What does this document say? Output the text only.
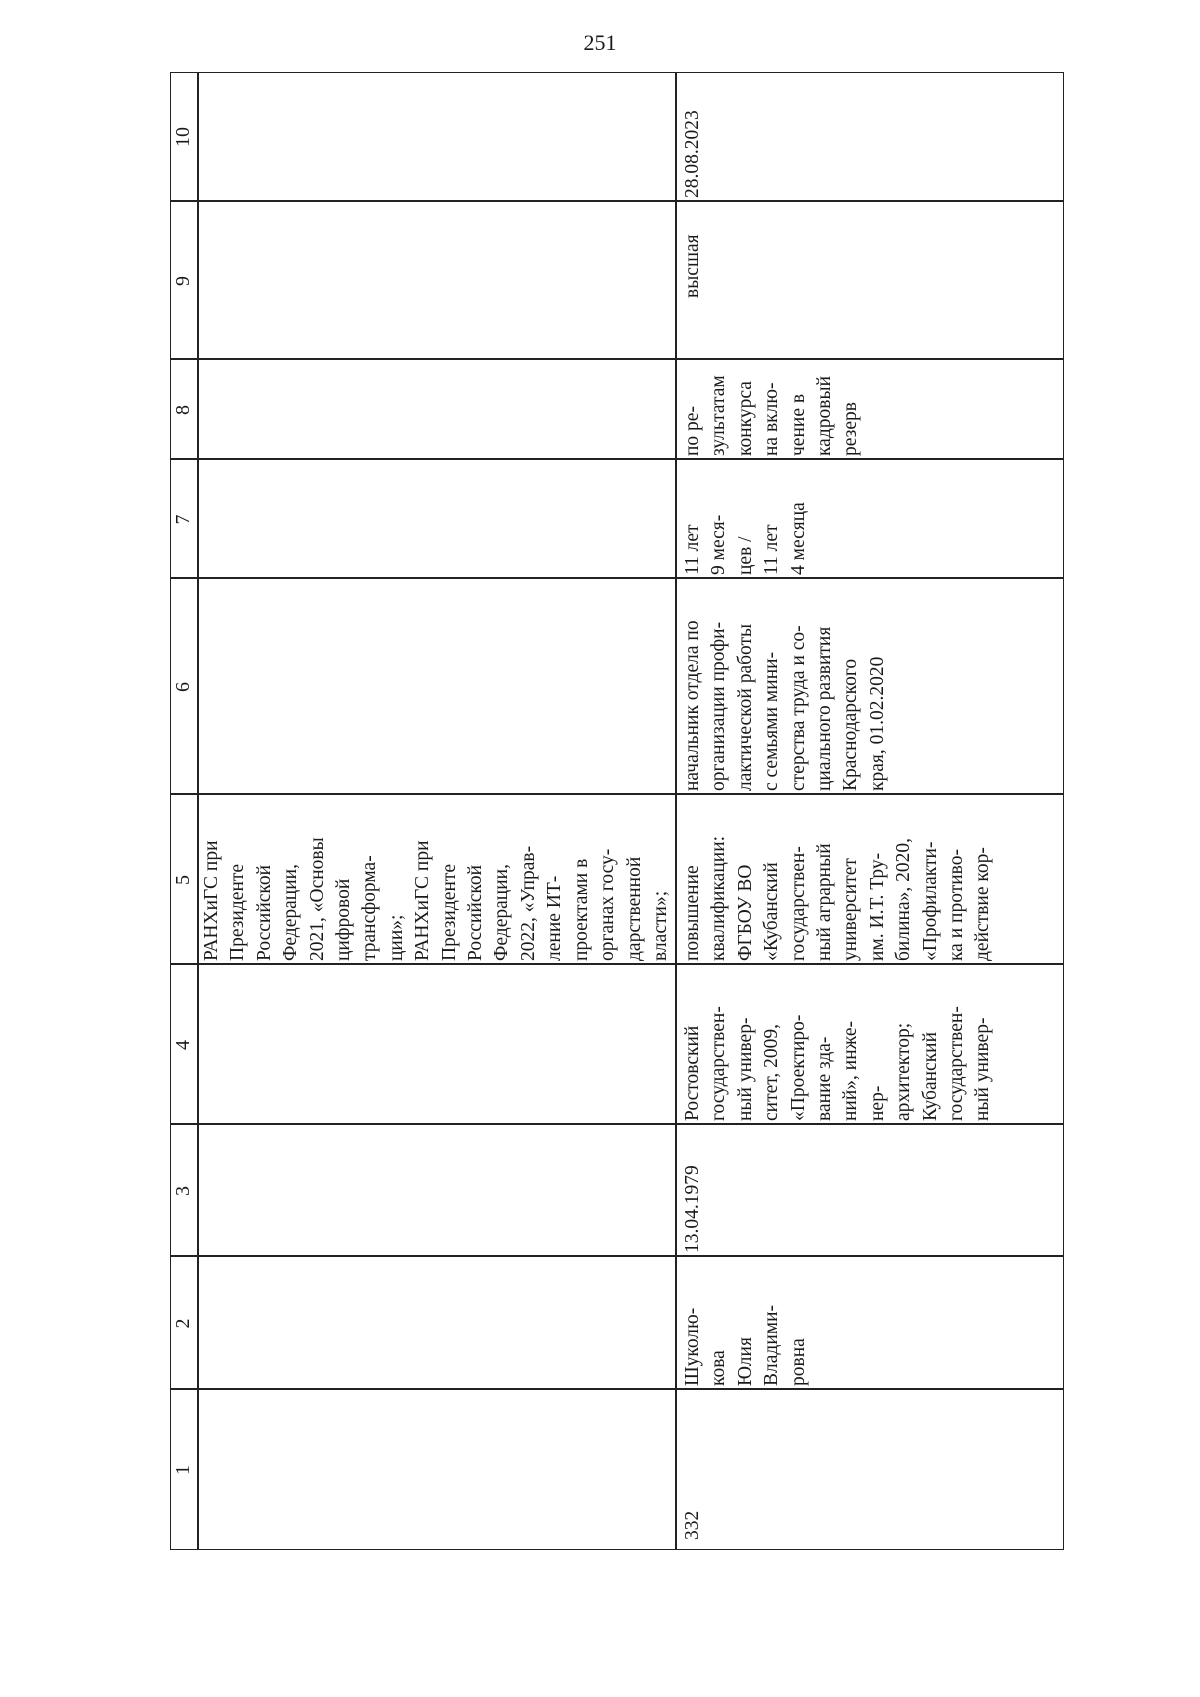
251
1
2
3
4
5
6
7
8
9
10
РАНХиГС при
Президенте
Российской
Федерации,
2021, «Основы
цифровой
трансформа-
ции»;
РАНХиГС при
Президенте
Российской
Федерации,
2022, «Управ-
ление ИТ-
проектами в
органах госу-
дарственной
власти»;
332
Шуколю-
кова
Юлия
Владими-
ровна
13.04.1979
Ростовский
государствен-
ный универ-
ситет, 2009,
«Проектиро-
вание зда-
ний», инже-
нер-
архитектор;
Кубанский
государствен-
ный универ-
повышение
квалификации:
ФГБОУ ВО
«Кубанский
государствен-
ный аграрный
университет
им. И.Т. Тру-
билина», 2020,
«Профилакти-
ка и противо-
действие кор-
начальник отдела по
организации профи-
лактической работы
с семьями мини-
стерства труда и со-
циального развития
Краснодарского
края, 01.02.2020
11 лет
9 меся-
цев /
11 лет
4 месяца
по ре-
зультатам
конкурса
на вклю-
чение в
кадровый
резерв
высшая
28.08.2023
